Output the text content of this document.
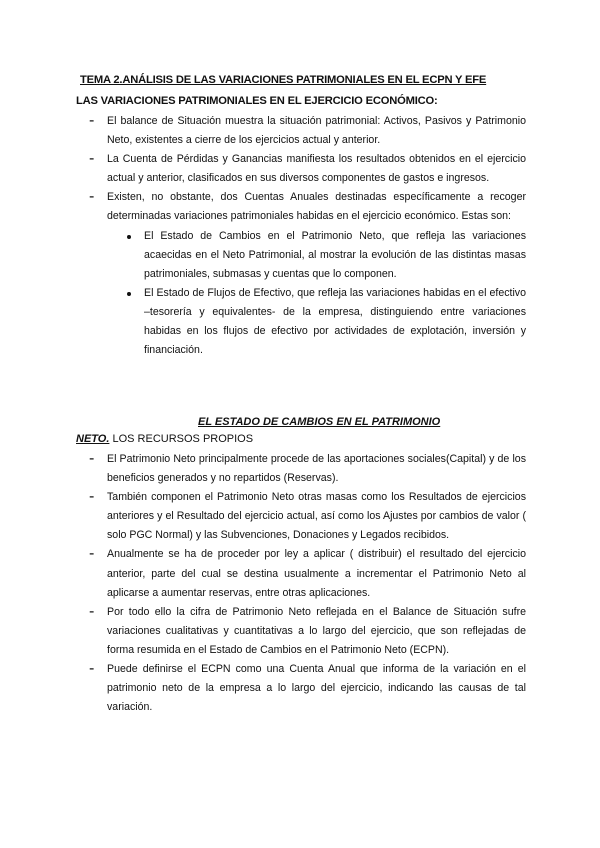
TEMA 2.ANÁLISIS DE LAS VARIACIONES PATRIMONIALES EN EL ECPN Y EFE
LAS VARIACIONES PATRIMONIALES EN EL EJERCICIO ECONÓMICO:

- El balance de Situación muestra la situación patrimonial: Activos, Pasivos y Patrimonio Neto, existentes a cierre de los ejercicios actual y anterior.

- La Cuenta de Pérdidas y Ganancias manifiesta los resultados obtenidos en el ejercicio actual y anterior, clasificados en sus diversos componentes de gastos e ingresos.

- Existen, no obstante, dos Cuentas Anuales destinadas específicamente a recoger determinadas variaciones patrimoniales habidas en el ejercicio económico. Estas son:

El Estado de Cambios en el Patrimonio Neto, que refleja las variaciones acaecidas en el Neto Patrimonial, al mostrar la evolución de las distintas masas patrimoniales, submasas y cuentas que lo componen.

El Estado de Flujos de Efectivo, que refleja las variaciones habidas en el efectivo –tesorería y equivalentes- de la empresa, distinguiendo entre variaciones habidas en los flujos de efectivo por actividades de explotación, inversión y financiación.

EL ESTADO DE CAMBIOS EN EL PATRIMONIO
NETO. LOS RECURSOS PROPIOS

- El Patrimonio Neto principalmente procede de las aportaciones sociales(Capital) y de los beneficios generados y no repartidos (Reservas).

- También componen el Patrimonio Neto otras masas como los Resultados de ejercicios anteriores y el Resultado del ejercicio actual, así como los Ajustes por cambios de valor ( solo PGC Normal) y las Subvenciones, Donaciones y Legados recibidos.

- Anualmente se ha de proceder por ley a aplicar ( distribuir) el resultado del ejercicio anterior, parte del cual se destina usualmente a incrementar el Patrimonio Neto al aplicarse a aumentar reservas, entre otras aplicaciones.

- Por todo ello la cifra de Patrimonio Neto reflejada en el Balance de Situación sufre variaciones cualitativas y cuantitativas a lo largo del ejercicio, que son reflejadas de forma resumida en el Estado de Cambios en el Patrimonio Neto (ECPN).

- Puede definirse el ECPN como una Cuenta Anual que informa de la variación en el patrimonio neto de la empresa a lo largo del ejercicio, indicando las causas de tal variación.
